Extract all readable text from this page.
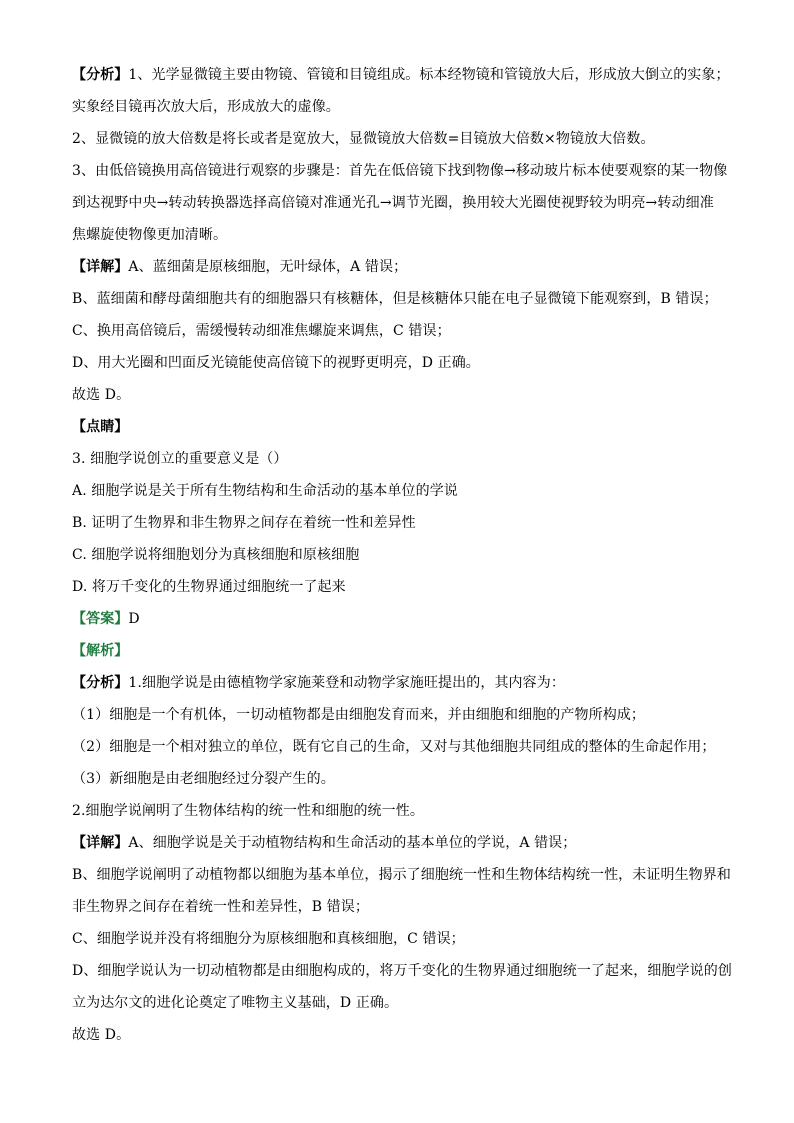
【分析】1、光学显微镜主要由物镜、管镜和目镜组成。标本经物镜和管镜放大后，形成放大倒立的实象；
实象经目镜再次放大后，形成放大的虚像。
2、显微镜的放大倍数是将长或者是宽放大，显微镜放大倍数=目镜放大倍数×物镜放大倍数。
3、由低倍镜换用高倍镜进行观察的步骤是：首先在低倍镜下找到物像→移动玻片标本使要观察的某一物像
到达视野中央→转动转换器选择高倍镜对准通光孔→调节光圈，换用较大光圈使视野较为明亮→转动细准
焦螺旋使物像更加清晰。
【详解】A、蓝细菌是原核细胞，无叶绿体，A 错误；
B、蓝细菌和酵母菌细胞共有的细胞器只有核糖体，但是核糖体只能在电子显微镜下能观察到，B 错误；
C、换用高倍镜后，需缓慢转动细准焦螺旋来调焦，C 错误；
D、用大光圈和凹面反光镜能使高倍镜下的视野更明亮，D 正确。
故选 D。
【点睛】
3. 细胞学说创立的重要意义是（）
A. 细胞学说是关于所有生物结构和生命活动的基本单位的学说
B. 证明了生物界和非生物界之间存在着统一性和差异性
C. 细胞学说将细胞划分为真核细胞和原核细胞
D. 将万千变化的生物界通过细胞统一了起来
【答案】D
【解析】
【分析】1.细胞学说是由德植物学家施莱登和动物学家施旺提出的，其内容为：
（1）细胞是一个有机体，一切动植物都是由细胞发育而来，并由细胞和细胞的产物所构成；
（2）细胞是一个相对独立的单位，既有它自己的生命，又对与其他细胞共同组成的整体的生命起作用；
（3）新细胞是由老细胞经过分裂产生的。
2.细胞学说阐明了生物体结构的统一性和细胞的统一性。
【详解】A、细胞学说是关于动植物结构和生命活动的基本单位的学说，A 错误；
B、细胞学说阐明了动植物都以细胞为基本单位，揭示了细胞统一性和生物体结构统一性，未证明生物界和
非生物界之间存在着统一性和差异性，B 错误；
C、细胞学说并没有将细胞分为原核细胞和真核细胞，C 错误；
D、细胞学说认为一切动植物都是由细胞构成的，将万千变化的生物界通过细胞统一了起来，细胞学说的创
立为达尔文的进化论奠定了唯物主义基础，D 正确。
故选 D。
